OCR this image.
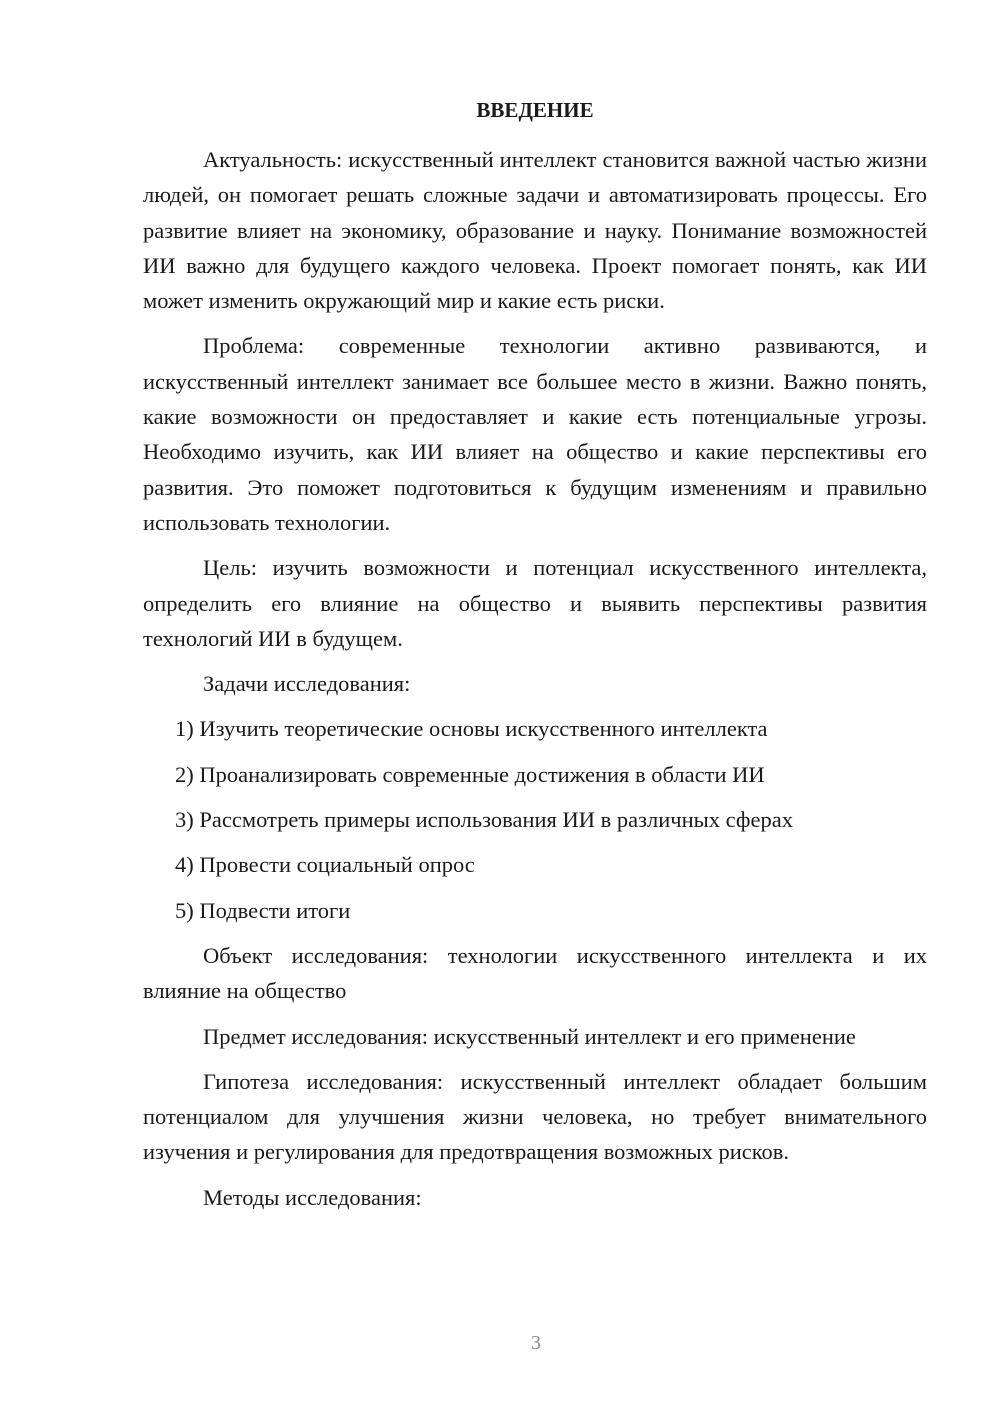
ВВЕДЕНИЕ

Актуальность: искусственный интеллект становится важной частью жизни людей, он помогает решать сложные задачи и автоматизировать процессы. Его развитие влияет на экономику, образование и науку. Понимание возможностей ИИ важно для будущего каждого человека. Проект помогает понять, как ИИ может изменить окружающий мир и какие есть риски.

Проблема: современные технологии активно развиваются, и искусственный интеллект занимает все большее место в жизни. Важно понять, какие возможности он предоставляет и какие есть потенциальные угрозы. Необходимо изучить, как ИИ влияет на общество и какие перспективы его развития. Это поможет подготовиться к будущим изменениям и правильно использовать технологии.

Цель: изучить возможности и потенциал искусственного интеллекта, определить его влияние на общество и выявить перспективы развития технологий ИИ в будущем.

Задачи исследования:

1) Изучить теоретические основы искусственного интеллекта
2) Проанализировать современные достижения в области ИИ
3) Рассмотреть примеры использования ИИ в различных сферах
4) Провести социальный опрос
5) Подвести итоги

Объект исследования: технологии искусственного интеллекта и их влияние на общество

Предмет исследования: искусственный интеллект и его применение

Гипотеза исследования: искусственный интеллект обладает большим потенциалом для улучшения жизни человека, но требует внимательного изучения и регулирования для предотвращения возможных рисков.

Методы исследования:

3
